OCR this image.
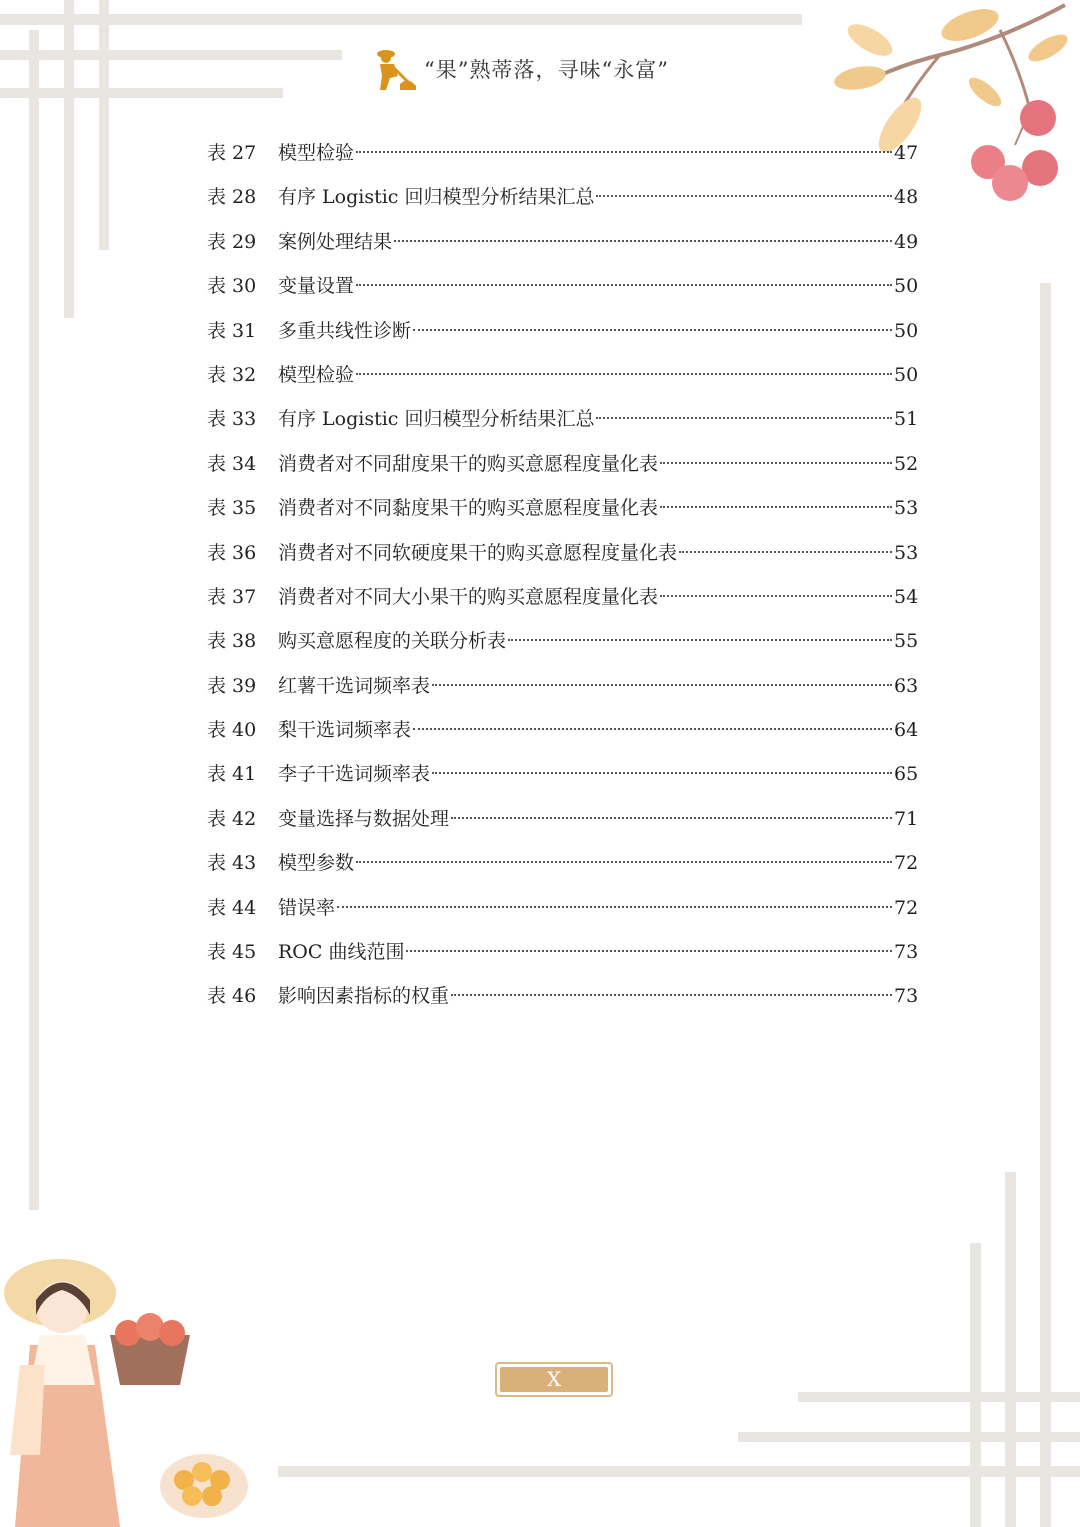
“果”熟蒂落，寻味“永富”
表 27	模型检验	47
表 28	有序 Logistic 回归模型分析结果汇总	48
表 29	案例处理结果	49
表 30	变量设置	50
表 31	多重共线性诊断	50
表 32	模型检验	50
表 33	有序 Logistic 回归模型分析结果汇总	51
表 34	消费者对不同甜度果干的购买意愿程度量化表	52
表 35	消费者对不同黏度果干的购买意愿程度量化表	53
表 36	消费者对不同软硬度果干的购买意愿程度量化表	53
表 37	消费者对不同大小果干的购买意愿程度量化表	54
表 38	购买意愿程度的关联分析表	55
表 39	红薯干选词频率表	63
表 40	梨干选词频率表	64
表 41	李子干选词频率表	65
表 42	变量选择与数据处理	71
表 43	模型参数	72
表 44	错误率	72
表 45	ROC 曲线范围	73
表 46	影响因素指标的权重	73
X
